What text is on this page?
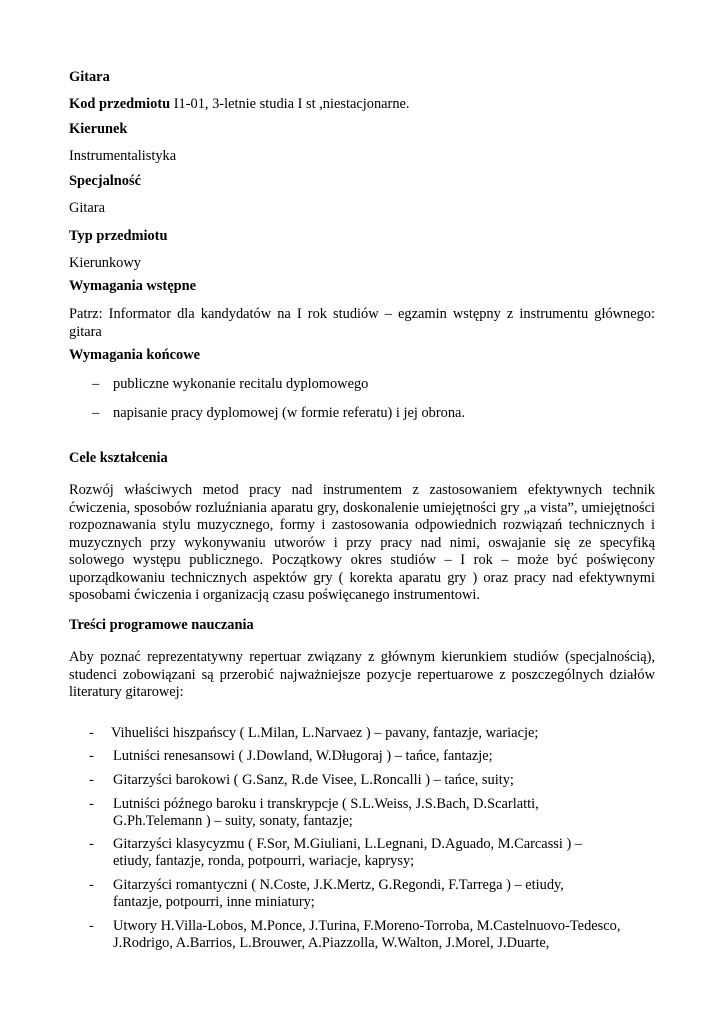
Gitara
Kod przedmiotu I1-01, 3-letnie studia I st ,niestacjonarne.
Kierunek
Instrumentalistyka
Specjalność
Gitara
Typ przedmiotu
Kierunkowy
Wymagania wstępne
Patrz: Informator dla kandydatów na I rok studiów – egzamin wstępny z instrumentu głównego: gitara
Wymagania końcowe
– publiczne wykonanie recitalu dyplomowego
– napisanie pracy dyplomowej (w formie referatu) i jej obrona.
Cele kształcenia
Rozwój właściwych metod pracy nad instrumentem z zastosowaniem efektywnych technik ćwiczenia, sposobów rozluźniania aparatu gry, doskonalenie umiejętności gry „a vista”, umiejętności rozpoznawania stylu muzycznego, formy i zastosowania odpowiednich rozwiązań technicznych i muzycznych przy wykonywaniu utworów i przy pracy nad nimi, oswajanie się ze specyfiką solowego występu publicznego. Początkowy okres studiów – I rok – może być poświęcony uporządkowaniu technicznych aspektów gry ( korekta aparatu gry ) oraz pracy nad efektywnymi sposobami ćwiczenia i organizacją czasu poświęcanego instrumentowi.
Treści programowe nauczania
Aby poznać reprezentatywny repertuar związany z głównym kierunkiem studiów (specjalnością), studenci zobowiązani są przerobić najważniejsze pozycje repertuarowe z poszczególnych działów literatury gitarowej:
- Vihueliści hiszpańscy ( L.Milan, L.Narvaez ) – pavany, fantazje, wariacje;
- Lutniści renesansowi ( J.Dowland, W.Długoraj ) – tańce, fantazje;
- Gitarzyści barokowi ( G.Sanz, R.de Visee, L.Roncalli ) – tańce, suity;
- Lutniści późnego baroku i transkrypcje ( S.L.Weiss, J.S.Bach, D.Scarlatti, G.Ph.Telemann ) – suity, sonaty, fantazje;
- Gitarzyści klasycyzmu ( F.Sor, M.Giuliani, L.Legnani, D.Aguado, M.Carcassi ) – etiudy, fantazje, ronda, potpourri, wariacje, kaprysy;
- Gitarzyści romantyczni ( N.Coste, J.K.Mertz, G.Regondi, F.Tarrega ) – etiudy, fantazje, potpourri, inne miniatury;
- Utwory H.Villa-Lobos, M.Ponce, J.Turina, F.Moreno-Torroba, M.Castelnuovo-Tedesco, J.Rodrigo, A.Barrios, L.Brouwer, A.Piazzolla, W.Walton, J.Morel, J.Duarte,
